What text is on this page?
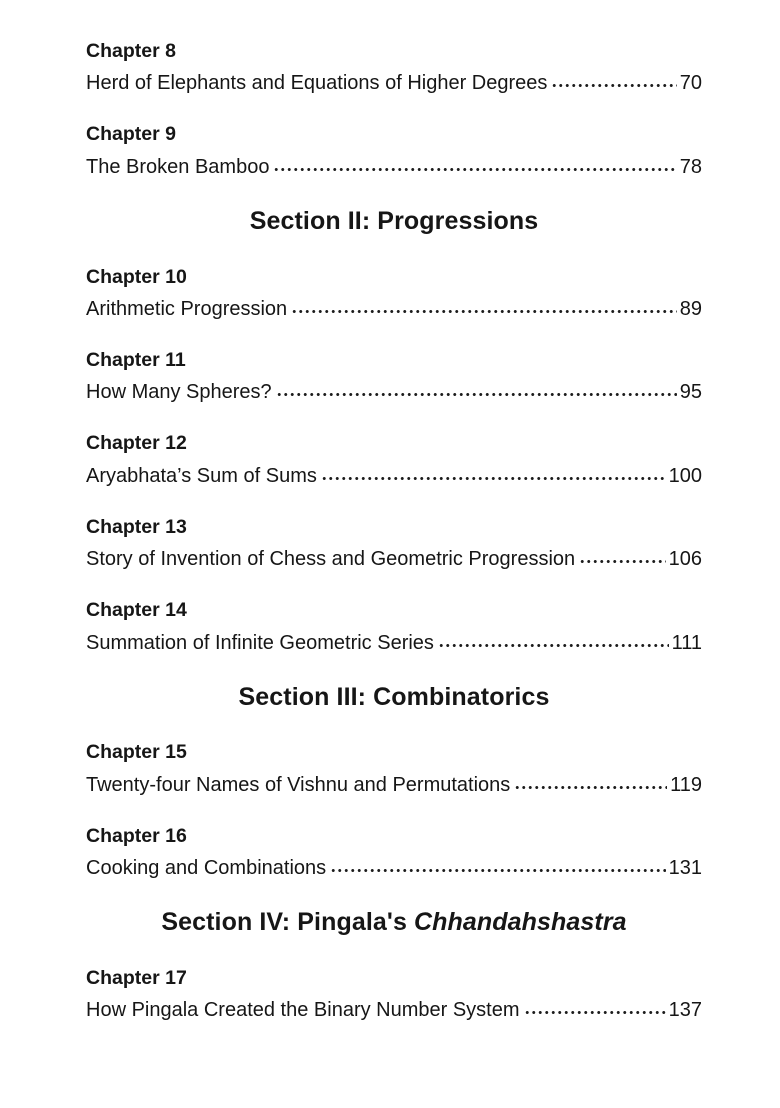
Chapter 8
Herd of Elephants and Equations of Higher Degrees	70
Chapter 9
The Broken Bamboo	78
Section II: Progressions
Chapter 10
Arithmetic Progression	89
Chapter 11
How Many Spheres?	95
Chapter 12
Aryabhata’s Sum of Sums	100
Chapter 13
Story of Invention of Chess and Geometric Progression	106
Chapter 14
Summation of Infinite Geometric Series	111
Section III: Combinatorics
Chapter 15
Twenty-four Names of Vishnu and Permutations	119
Chapter 16
Cooking and Combinations	131
Section IV: Pingala's Chhandahshastra
Chapter 17
How Pingala Created the Binary Number System	137
